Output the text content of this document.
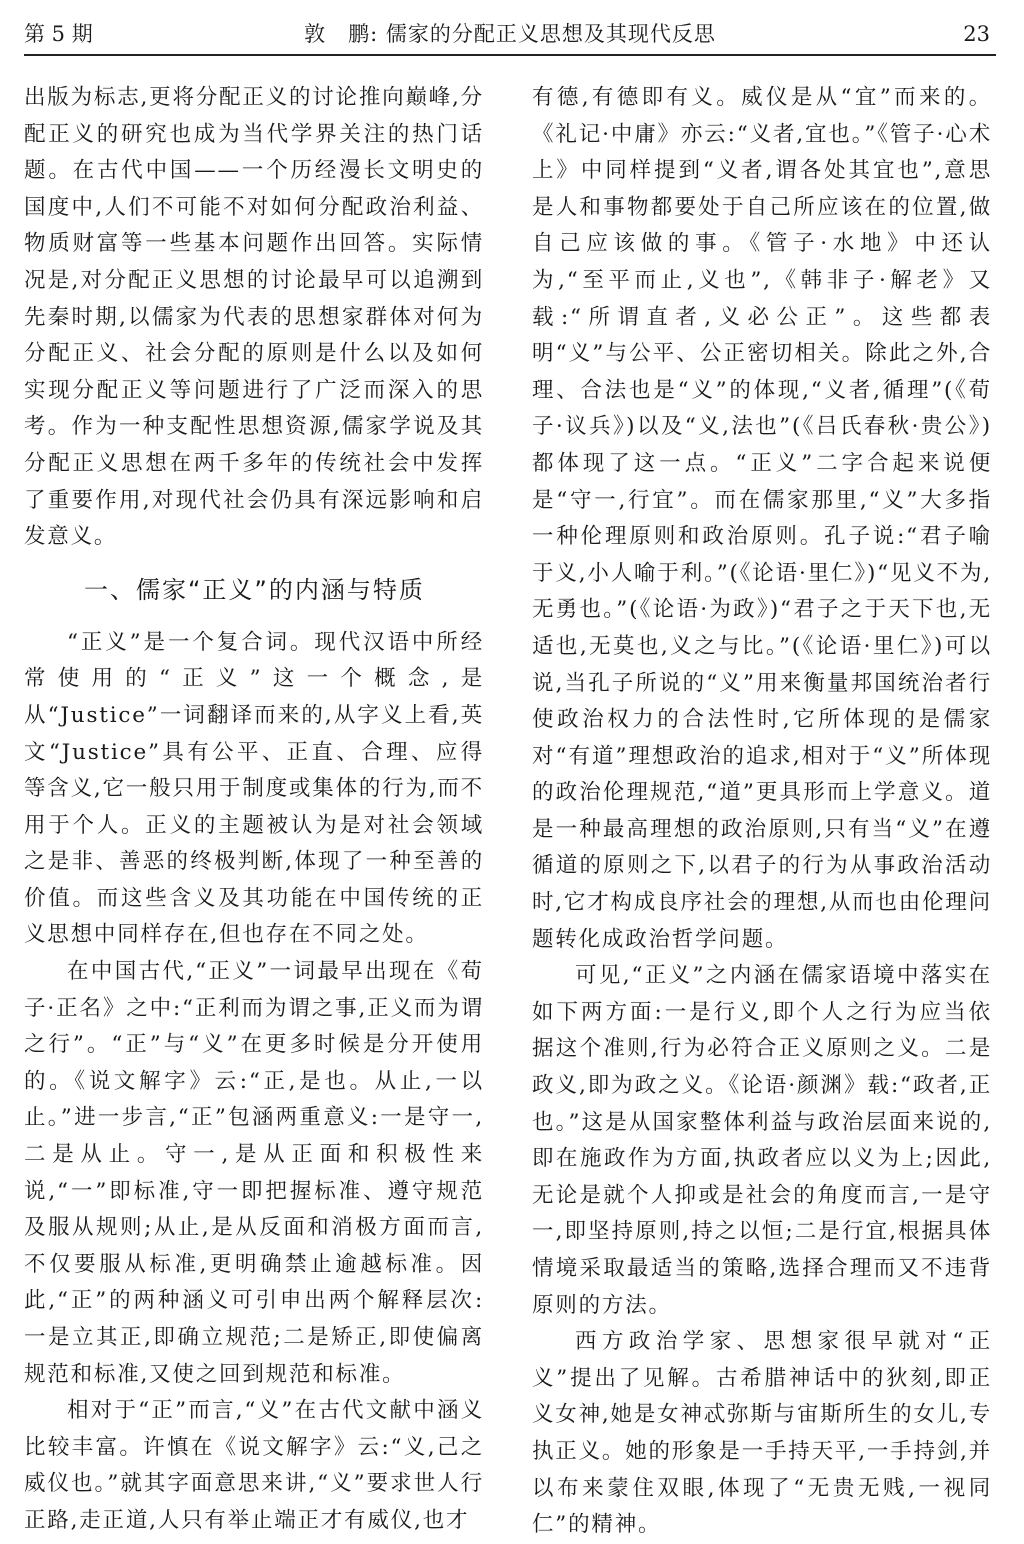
第 5 期	敦　鹏: 儒家的分配正义思想及其现代反思	23

出版为标志,更将分配正义的讨论推向巅峰,分配正义的研究也成为当代学界关注的热门话题。在古代中国——一个历经漫长文明史的国度中,人们不可能不对如何分配政治利益、物质财富等一些基本问题作出回答。实际情况是,对分配正义思想的讨论最早可以追溯到先秦时期,以儒家为代表的思想家群体对何为分配正义、社会分配的原则是什么以及如何实现分配正义等问题进行了广泛而深入的思考。作为一种支配性思想资源,儒家学说及其分配正义思想在两千多年的传统社会中发挥了重要作用,对现代社会仍具有深远影响和启发意义。

一、儒家“正义”的内涵与特质

“正义”是一个复合词。现代汉语中所经常使用的“正义”这一个概念,是从“Justice”一词翻译而来的,从字义上看,英文“Justice”具有公平、正直、合理、应得等含义,它一般只用于制度或集体的行为,而不用于个人。正义的主题被认为是对社会领域之是非、善恶的终极判断,体现了一种至善的价值。而这些含义及其功能在中国传统的正义思想中同样存在,但也存在不同之处。

在中国古代,“正义”一词最早出现在《荀子·正名》之中:“正利而为谓之事,正义而为谓之行”。“正”与“义”在更多时候是分开使用的。《说文解字》云:“正,是也。从止,一以止。”进一步言,“正”包涵两重意义:一是守一,二是从止。守一,是从正面和积极性来说,“一”即标准,守一即把握标准、遵守规范及服从规则;从止,是从反面和消极方面而言,不仅要服从标准,更明确禁止逾越标准。因此,“正”的两种涵义可引申出两个解释层次:一是立其正,即确立规范;二是矫正,即使偏离规范和标准,又使之回到规范和标准。

相对于“正”而言,“义”在古代文献中涵义比较丰富。许慎在《说文解字》云:“义,己之威仪也。”就其字面意思来讲,“义”要求世人行正路,走正道,人只有举止端正才有威仪,也才

有德,有德即有义。威仪是从“宜”而来的。《礼记·中庸》亦云:“义者,宜也。”《管子·心术上》中同样提到“义者,谓各处其宜也”,意思是人和事物都要处于自己所应该在的位置,做自己应该做的事。《管子·水地》中还认为,“至平而止,义也”,《韩非子·解老》又载:“所谓直者,义必公正”。这些都表明“义”与公平、公正密切相关。除此之外,合理、合法也是“义”的体现,“义者,循理”(《荀子·议兵》)以及“义,法也”(《吕氏春秋·贵公》)都体现了这一点。“正义”二字合起来说便是“守一,行宜”。而在儒家那里,“义”大多指一种伦理原则和政治原则。孔子说:“君子喻于义,小人喻于利。”(《论语·里仁》)“见义不为,无勇也。”(《论语·为政》)“君子之于天下也,无适也,无莫也,义之与比。”(《论语·里仁》)可以说,当孔子所说的“义”用来衡量邦国统治者行使政治权力的合法性时,它所体现的是儒家对“有道”理想政治的追求,相对于“义”所体现的政治伦理规范,“道”更具形而上学意义。道是一种最高理想的政治原则,只有当“义”在遵循道的原则之下,以君子的行为从事政治活动时,它才构成良序社会的理想,从而也由伦理问题转化成政治哲学问题。

可见,“正义”之内涵在儒家语境中落实在如下两方面:一是行义,即个人之行为应当依据这个准则,行为必符合正义原则之义。二是政义,即为政之义。《论语·颜渊》载:“政者,正也。”这是从国家整体利益与政治层面来说的,即在施政作为方面,执政者应以义为上;因此,无论是就个人抑或是社会的角度而言,一是守一,即坚持原则,持之以恒;二是行宜,根据具体情境采取最适当的策略,选择合理而又不违背原则的方法。

西方政治学家、思想家很早就对“正义”提出了见解。古希腊神话中的狄刻,即正义女神,她是女神忒弥斯与宙斯所生的女儿,专执正义。她的形象是一手持天平,一手持剑,并以布来蒙住双眼,体现了“无贵无贱,一视同仁”的精神。
